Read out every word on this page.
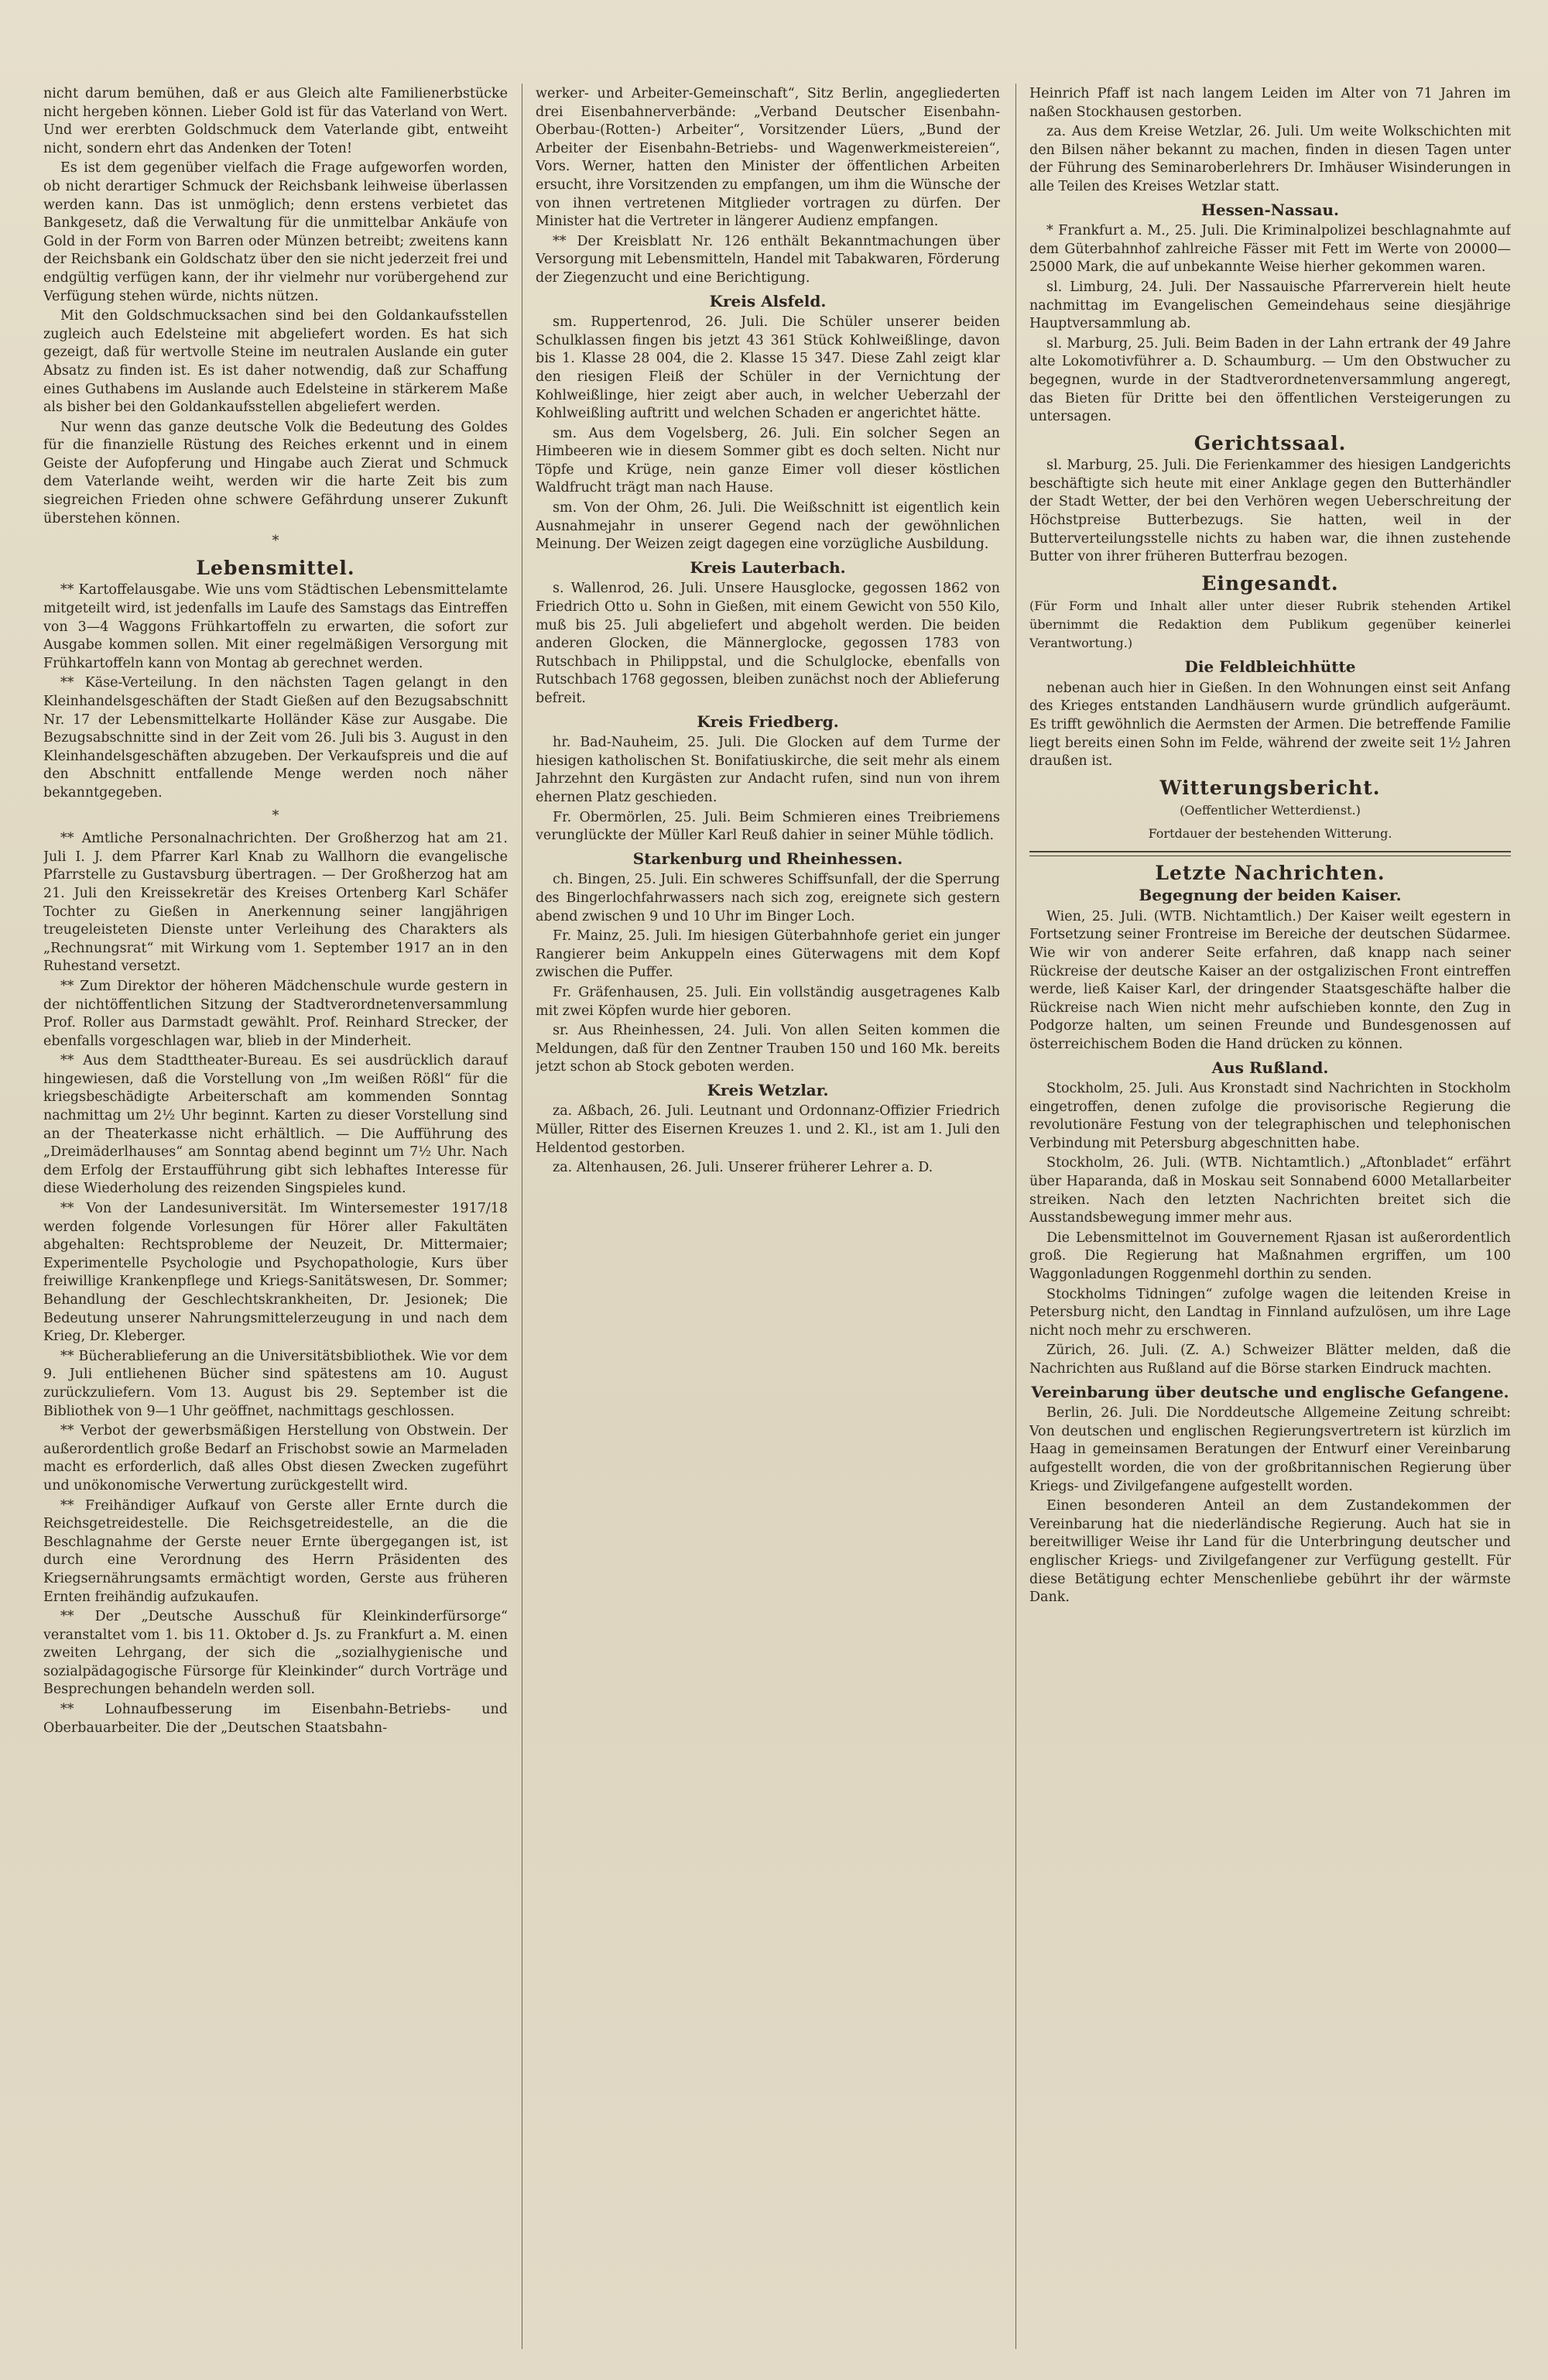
nicht darum bemühen, daß er aus Gleich alte Familienerbstücke nicht hergeben können. Lieber Gold ist für das Vaterland von Wert. Und wer ererbten Goldschmuck dem Vaterlande gibt, entweiht nicht, sondern ehrt das Andenken der Toten!

Es ist dem gegenüber vielfach die Frage aufgeworfen worden, ob nicht derartiger Schmuck der Reichsbank leihweise überlassen werden kann. Das ist unmöglich; denn erstens verbietet das Bankgesetz, daß die Verwaltung für die unmittelbar Ankäufe von Gold in der Form von Barren oder Münzen betreibt; zweitens kann der Reichsbank ein Goldschatz über den sie nicht jederzeit frei und endgültig verfügen kann, der ihr vielmehr nur vorübergehend zur Verfügung stehen würde, nichts nützen.

Mit den Goldschmucksachen sind bei den Goldankaufsstellen zugleich auch Edelsteine mit abgeliefert worden. Es hat sich gezeigt, daß für wertvolle Steine im neutralen Auslande ein guter Absatz zu finden ist. Es ist daher notwendig, daß zur Schaffung eines Guthabens im Auslande auch Edelsteine in stärkerem Maße als bisher bei den Goldankaufsstellen abgeliefert werden.

Nur wenn das ganze deutsche Volk die Bedeutung des Goldes für die finanzielle Rüstung des Reiches erkennt und in einem Geiste der Aufopferung und Hingabe auch Zierat und Schmuck dem Vaterlande weiht, werden wir die harte Zeit bis zum siegreichen Frieden ohne schwere Gefährdung unserer Zukunft überstehen können.

*
Lebensmittel.

** Kartoffelausgabe. Wie uns vom Städtischen Lebensmittelamte mitgeteilt wird, ist jedenfalls im Laufe des Samstags das Eintreffen von 3—4 Waggons Frühkartoffeln zu erwarten, die sofort zur Ausgabe kommen sollen. Mit einer regelmäßigen Versorgung mit Frühkartoffeln kann von Montag ab gerechnet werden.

** Käse-Verteilung. In den nächsten Tagen gelangt in den Kleinhandelsgeschäften der Stadt Gießen auf den Bezugsabschnitt Nr. 17 der Lebensmittelkarte Holländer Käse zur Ausgabe. Die Bezugsabschnitte sind in der Zeit vom 26. Juli bis 3. August in den Kleinhandelsgeschäften abzugeben. Der Verkaufspreis und die auf den Abschnitt entfallende Menge werden noch näher bekanntgegeben.

*

** Amtliche Personalnachrichten. Der Großherzog hat am 21. Juli I. J. dem Pfarrer Karl Knab zu Wallhorn die evangelische Pfarrstelle zu Gustavsburg übertragen. — Der Großherzog hat am 21. Juli den Kreissekretär des Kreises Ortenberg Karl Schäfer Tochter zu Gießen in Anerkennung seiner langjährigen treugeleisteten Dienste unter Verleihung des Charakters als „Rechnungsrat“ mit Wirkung vom 1. September 1917 an in den Ruhestand versetzt.

** Zum Direktor der höheren Mädchenschule wurde gestern in der nichtöffentlichen Sitzung der Stadtverordnetenversammlung Prof. Roller aus Darmstadt gewählt. Prof. Reinhard Strecker, der ebenfalls vorgeschlagen war, blieb in der Minderheit.

** Aus dem Stadttheater-Bureau. Es sei ausdrücklich darauf hingewiesen, daß die Vorstellung von „Im weißen Rößl“ für die kriegsbeschädigte Arbeiterschaft am kommenden Sonntag nachmittag um 2½ Uhr beginnt. Karten zu dieser Vorstellung sind an der Theaterkasse nicht erhältlich. — Die Aufführung des „Dreimäderlhauses“ am Sonntag abend beginnt um 7½ Uhr. Nach dem Erfolg der Erstaufführung gibt sich lebhaftes Interesse für diese Wiederholung des reizenden Singspieles kund.

** Von der Landesuniversität. Im Wintersemester 1917/18 werden folgende Vorlesungen für Hörer aller Fakultäten abgehalten: Rechtsprobleme der Neuzeit, Dr. Mittermaier; Experimentelle Psychologie und Psychopathologie, Kurs über freiwillige Krankenpflege und Kriegs-Sanitätswesen, Dr. Sommer; Behandlung der Geschlechtskrankheiten, Dr. Jesionek; Die Bedeutung unserer Nahrungsmittelerzeugung in und nach dem Krieg, Dr. Kleberger.

** Bücherablieferung an die Universitätsbibliothek. Wie vor dem 9. Juli entliehenen Bücher sind spätestens am 10. August zurückzuliefern. Vom 13. August bis 29. September ist die Bibliothek von 9—1 Uhr geöffnet, nachmittags geschlossen.

** Verbot der gewerbsmäßigen Herstellung von Obstwein. Der außerordentlich große Bedarf an Frischobst sowie an Marmeladen macht es erforderlich, daß alles Obst diesen Zwecken zugeführt und unökonomische Verwertung zurückgestellt wird.

** Freihändiger Aufkauf von Gerste aller Ernte durch die Reichsgetreidestelle. Die Reichsgetreidestelle, an die die Beschlagnahme der Gerste neuer Ernte übergegangen ist, ist durch eine Verordnung des Herrn Präsidenten des Kriegsernährungsamts ermächtigt worden, Gerste aus früheren Ernten freihändig aufzukaufen.

** Der „Deutsche Ausschuß für Kleinkinderfürsorge“ veranstaltet vom 1. bis 11. Oktober d. Js. zu Frankfurt a. M. einen zweiten Lehrgang, der sich die „sozialhygienische und sozialpädagogische Fürsorge für Kleinkinder“ durch Vorträge und Besprechungen behandeln werden soll.

** Lohnaufbesserung im Eisenbahn-Betriebs- und Oberbauarbeiter. Die der „Deutschen Staatsbahn-

werker- und Arbeiter-Gemeinschaft“, Sitz Berlin, angegliederten drei Eisenbahnerverbände: „Verband Deutscher Eisenbahn-Oberbau-(Rotten-) Arbeiter“, Vorsitzender Lüers, „Bund der Arbeiter der Eisenbahn-Betriebs- und Wagenwerkmeistereien“, Vors. Werner, hatten den Minister der öffentlichen Arbeiten ersucht, ihre Vorsitzenden zu empfangen, um ihm die Wünsche der von ihnen vertretenen Mitglieder vortragen zu dürfen. Der Minister hat die Vertreter in längerer Audienz empfangen.

** Der Kreisblatt Nr. 126 enthält Bekanntmachungen über Versorgung mit Lebensmitteln, Handel mit Tabakwaren, Förderung der Ziegenzucht und eine Berichtigung.

Kreis Alsfeld.

sm. Ruppertenrod, 26. Juli. Die Schüler unserer beiden Schulklassen fingen bis jetzt 43 361 Stück Kohlweißlinge, davon bis 1. Klasse 28 004, die 2. Klasse 15 347. Diese Zahl zeigt klar den riesigen Fleiß der Schüler in der Vernichtung der Kohlweißlinge, hier zeigt aber auch, in welcher Ueberzahl der Kohlweißling auftritt und welchen Schaden er angerichtet hätte.

sm. Aus dem Vogelsberg, 26. Juli. Ein solcher Segen an Himbeeren wie in diesem Sommer gibt es doch selten. Nicht nur Töpfe und Krüge, nein ganze Eimer voll dieser köstlichen Waldfrucht trägt man nach Hause.

sm. Von der Ohm, 26. Juli. Die Weißschnitt ist eigentlich kein Ausnahmejahr in unserer Gegend nach der gewöhnlichen Meinung. Der Weizen zeigt dagegen eine vorzügliche Ausbildung.

Kreis Lauterbach.

s. Wallenrod, 26. Juli. Unsere Hausglocke, gegossen 1862 von Friedrich Otto u. Sohn in Gießen, mit einem Gewicht von 550 Kilo, muß bis 25. Juli abgeliefert und abgeholt werden. Die beiden anderen Glocken, die Männerglocke, gegossen 1783 von Rutschbach in Philippstal, und die Schulglocke, ebenfalls von Rutschbach 1768 gegossen, bleiben zunächst noch der Ablieferung befreit.

Kreis Friedberg.

hr. Bad-Nauheim, 25. Juli. Die Glocken auf dem Turme der hiesigen katholischen St. Bonifatiuskirche, die seit mehr als einem Jahrzehnt den Kurgästen zur Andacht rufen, sind nun von ihrem ehernen Platz geschieden.

Fr. Obermörlen, 25. Juli. Beim Schmieren eines Treibriemens verunglückte der Müller Karl Reuß dahier in seiner Mühle tödlich.

Starkenburg und Rheinhessen.

ch. Bingen, 25. Juli. Ein schweres Schiffsunfall, der die Sperrung des Bingerlochfahrwassers nach sich zog, ereignete sich gestern abend zwischen 9 und 10 Uhr im Binger Loch.

Fr. Mainz, 25. Juli. Im hiesigen Güterbahnhofe geriet ein junger Rangierer beim Ankuppeln eines Güterwagens mit dem Kopf zwischen die Puffer.

Fr. Gräfenhausen, 25. Juli. Ein vollständig ausgetragenes Kalb mit zwei Köpfen wurde hier geboren.

sr. Aus Rheinhessen, 24. Juli. Von allen Seiten kommen die Meldungen, daß für den Zentner Trauben 150 und 160 Mk. bereits jetzt schon ab Stock geboten werden.

Kreis Wetzlar.

za. Aßbach, 26. Juli. Leutnant und Ordonnanz-Offizier Friedrich Müller, Ritter des Eisernen Kreuzes 1. und 2. Kl., ist am 1. Juli den Heldentod gestorben.

za. Altenhausen, 26. Juli. Unserer früherer Lehrer a. D.

Heinrich Pfaff ist nach langem Leiden im Alter von 71 Jahren im naßen Stockhausen gestorben.

za. Aus dem Kreise Wetzlar, 26. Juli. Um weite Wolkschichten mit den Bilsen näher bekannt zu machen, finden in diesen Tagen unter der Führung des Seminaroberlehrers Dr. Imhäuser Wisinderungen in alle Teilen des Kreises Wetzlar statt.

Hessen-Nassau.

* Frankfurt a. M., 25. Juli. Die Kriminalpolizei beschlagnahmte auf dem Güterbahnhof zahlreiche Fässer mit Fett im Werte von 20000—25000 Mark, die auf unbekannte Weise hierher gekommen waren.

sl. Limburg, 24. Juli. Der Nassauische Pfarrerverein hielt heute nachmittag im Evangelischen Gemeindehaus seine diesjährige Hauptversammlung ab.

sl. Marburg, 25. Juli. Beim Baden in der Lahn ertrank der 49 Jahre alte Lokomotivführer a. D. Schaumburg. — Um den Obstwucher zu begegnen, wurde in der Stadtverordnetenversammlung angeregt, das Bieten für Dritte bei den öffentlichen Versteigerungen zu untersagen.

Gerichtssaal.

sl. Marburg, 25. Juli. Die Ferienkammer des hiesigen Landgerichts beschäftigte sich heute mit einer Anklage gegen den Butterhändler der Stadt Wetter, der bei den Verhören wegen Ueberschreitung der Höchstpreise Butterbezugs. Sie hatten, weil in der Butterverteilungsstelle nichts zu haben war, die ihnen zustehende Butter von ihrer früheren Butterfrau bezogen.

Eingesandt.

(Für Form und Inhalt aller unter dieser Rubrik stehenden Artikel übernimmt die Redaktion dem Publikum gegenüber keinerlei Verantwortung.)

Die Feldbleichhütte

nebenan auch hier in Gießen. In den Wohnungen einst seit Anfang des Krieges entstanden Landhäusern wurde gründlich aufgeräumt. Es trifft gewöhnlich die Aermsten der Armen. Die betreffende Familie liegt bereits einen Sohn im Felde, während der zweite seit 1½ Jahren draußen ist.

Witterungsbericht.
(Oeffentlicher Wetterdienst.)
Fortdauer der bestehenden Witterung.
Letzte Nachrichten.
Begegnung der beiden Kaiser.

Wien, 25. Juli. (WTB. Nichtamtlich.) Der Kaiser weilt egestern in Fortsetzung seiner Frontreise im Bereiche der deutschen Südarmee. Wie wir von anderer Seite erfahren, daß knapp nach seiner Rückreise der deutsche Kaiser an der ostgalizischen Front eintreffen werde, ließ Kaiser Karl, der dringender Staatsgeschäfte halber die Rückreise nach Wien nicht mehr aufschieben konnte, den Zug in Podgorze halten, um seinen Freunde und Bundesgenossen auf österreichischem Boden die Hand drücken zu können.

Aus Rußland.

Stockholm, 25. Juli. Aus Kronstadt sind Nachrichten in Stockholm eingetroffen, denen zufolge die provisorische Regierung die revolutionäre Festung von der telegraphischen und telephonischen Verbindung mit Petersburg abgeschnitten habe.

Stockholm, 26. Juli. (WTB. Nichtamtlich.) „Aftonbladet“ erfährt über Haparanda, daß in Moskau seit Sonnabend 6000 Metallarbeiter streiken. Nach den letzten Nachrichten breitet sich die Ausstandsbewegung immer mehr aus.

Die Lebensmittelnot im Gouvernement Rjasan ist außerordentlich groß. Die Regierung hat Maßnahmen ergriffen, um 100 Waggonladungen Roggenmehl dorthin zu senden.

Stockholms Tidningen“ zufolge wagen die leitenden Kreise in Petersburg nicht, den Landtag in Finnland aufzulösen, um ihre Lage nicht noch mehr zu erschweren.

Zürich, 26. Juli. (Z. A.) Schweizer Blätter melden, daß die Nachrichten aus Rußland auf die Börse starken Eindruck machten.

Vereinbarung über deutsche und englische Gefangene.

Berlin, 26. Juli. Die Norddeutsche Allgemeine Zeitung schreibt: Von deutschen und englischen Regierungsvertretern ist kürzlich im Haag in gemeinsamen Beratungen der Entwurf einer Vereinbarung aufgestellt worden, die von der großbritannischen Regierung über Kriegs- und Zivilgefangene aufgestellt worden.

Einen besonderen Anteil an dem Zustandekommen der Vereinbarung hat die niederländische Regierung. Auch hat sie in bereitwilliger Weise ihr Land für die Unterbringung deutscher und englischer Kriegs- und Zivilgefangener zur Verfügung gestellt. Für diese Betätigung echter Menschenliebe gebührt ihr der wärmste Dank.
